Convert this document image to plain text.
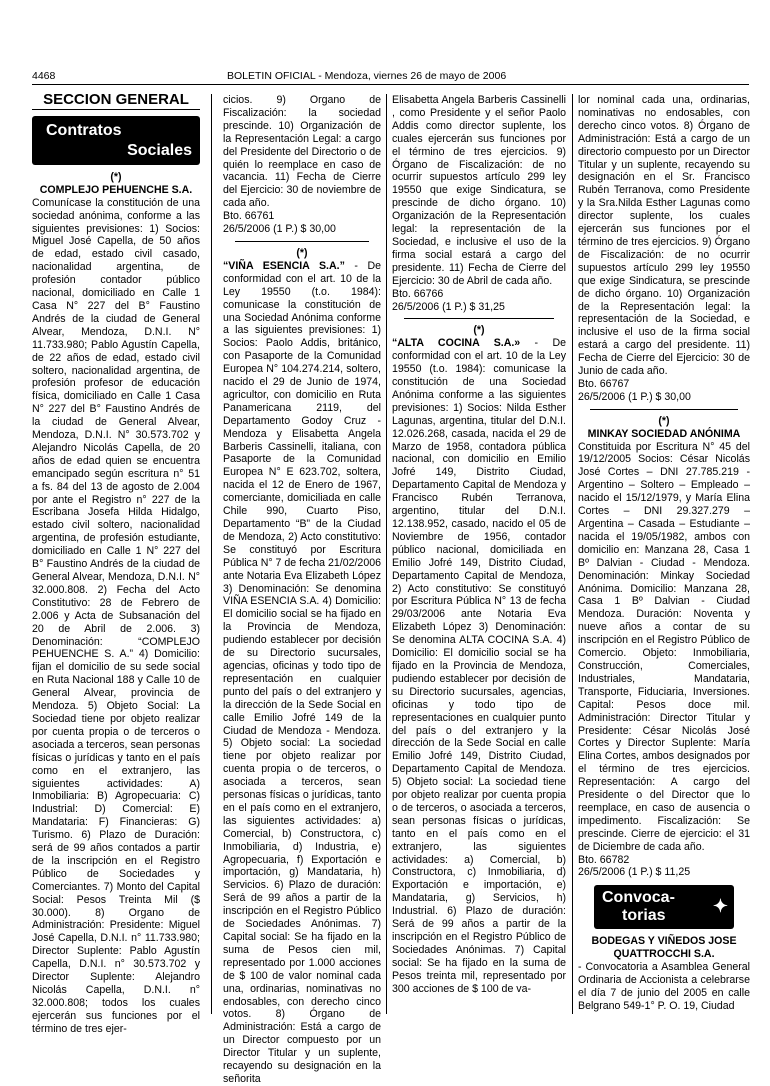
4468	BOLETIN OFICIAL - Mendoza, viernes 26 de mayo de 2006
SECCION GENERAL
Contratos
Sociales
(*)
COMPLEJO PEHUENCHE S.A.

Comunícase la constitución de una sociedad anónima, conforme a las siguientes previsiones: 1) Socios: Miguel José Capella, de 50 años de edad, estado civil casado, nacionalidad argentina, de profesión contador público nacional, domiciliado en Calle 1 Casa N° 227 del B° Faustino Andrés de la ciudad de General Alvear, Mendoza, D.N.I. N° 11.733.980; Pablo Agustín Capella, de 22 años de edad, estado civil soltero, nacionalidad argentina, de profesión profesor de educación física, domiciliado en Calle 1 Casa N° 227 del B° Faustino Andrés de la ciudad de General Alvear, Mendoza, D.N.I. N° 30.573.702 y Alejandro Nicolás Capella, de 20 años de edad quien se encuentra emancipado según escritura n° 51 a fs. 84 del 13 de agosto de 2.004 por ante el Registro n° 227 de la Escribana Josefa Hilda Hidalgo, estado civil soltero, nacionalidad argentina, de profesión estudiante, domiciliado en Calle 1 N° 227 del B° Faustino Andrés de la ciudad de General Alvear, Mendoza, D.N.I. N° 32.000.808. 2) Fecha del Acto Constitutivo: 28 de Febrero de 2.006 y Acta de Subsanación del 20 de Abril de 2.006. 3) Denominación: “COMPLEJO PEHUENCHE S. A.” 4) Domicilio: fijan el domicilio de su sede social en Ruta Nacional 188 y Calle 10 de General Alvear, provincia de Mendoza. 5) Objeto Social: La Sociedad tiene por objeto realizar por cuenta propia o de terceros o asociada a terceros, sean personas físicas o jurídicas y tanto en el país como en el extranjero, las siguientes actividades: A) Inmobiliaria: B) Agropecuaria: C) Industrial: D) Comercial: E) Mandataria: F) Financieras: G) Turismo. 6) Plazo de Duración: será de 99 años contados a partir de la inscripción en el Registro Público de Sociedades y Comerciantes. 7) Monto del Capital Social: Pesos Treinta Mil ($ 30.000). 8) Organo de Administración: Presidente: Miguel José Capella, D.N.I. n° 11.733.980; Director Suplente: Pablo Agustín Capella, D.N.I. n° 30.573.702 y Director Suplente: Alejandro Nicolás Capella, D.N.I. n° 32.000.808; todos los cuales ejercerán sus funciones por el término de tres ejer-

cicios. 9) Organo de Fiscalización: la sociedad prescinde. 10) Organización de la Representación Legal: a cargo del Presidente del Directorio o de quién lo reemplace en caso de vacancia. 11) Fecha de Cierre del Ejercicio: 30 de noviembre de cada año.

Bto. 66761

26/5/2006 (1 P.) $ 30,00

(*)

“VIÑA ESENCIA S.A.” - De conformidad con el art. 10 de la Ley 19550 (t.o. 1984): comunicase la constitución de una Sociedad Anónima conforme a las siguientes previsiones: 1) Socios: Paolo Addis, británico, con Pasaporte de la Comunidad Europea N° 104.274.214, soltero, nacido el 29 de Junio de 1974, agricultor, con domicilio en Ruta Panamericana 2119, del Departamento Godoy Cruz - Mendoza y Elisabetta Angela Barberis Cassinelli, italiana, con Pasaporte de la Comunidad Europea N° E 623.702, soltera, nacida el 12 de Enero de 1967, comerciante, domiciliada en calle Chile 990, Cuarto Piso, Departamento “B” de la Ciudad de Mendoza, 2) Acto constitutivo: Se constituyó por Escritura Pública N° 7 de fecha 21/02/2006 ante Notaria Eva Elizabeth López 3) Denominación: Se denomina VIÑA ESENCIA S.A. 4) Domicilio: El domicilio social se ha fijado en la Provincia de Mendoza, pudiendo establecer por decisión de su Directorio sucursales, agencias, oficinas y todo tipo de representación en cualquier punto del país o del extranjero y la dirección de la Sede Social en calle Emilio Jofré 149 de la Ciudad de Mendoza - Mendoza. 5) Objeto social: La sociedad tiene por objeto realizar por cuenta propia o de terceros, o asociada a terceros, sean personas físicas o jurídicas, tanto en el país como en el extranjero, las siguientes actividades: a) Comercial, b) Constructora, c) Inmobiliaria, d) Industria, e) Agropecuaria, f) Exportación e importación, g) Mandataria, h) Servicios. 6) Plazo de duración: Será de 99 años a partir de la inscripción en el Registro Público de Sociedades Anónimas. 7) Capital social: Se ha fijado en la suma de Pesos cien mil, representado por 1.000 acciones de $ 100 de valor nominal cada una, ordinarias, nominativas no endosables, con derecho cinco votos. 8) Órgano de Administración: Está a cargo de un Director compuesto por un Director Titular y un suplente, recayendo su designación en la señorita

Elisabetta Angela Barberis Cassinelli , como Presidente y el señor Paolo Addis como director suplente, los cuales ejercerán sus funciones por el término de tres ejercicios. 9) Órgano de Fiscalización: de no ocurrir supuestos artículo 299 ley 19550 que exige Sindicatura, se prescinde de dicho órgano. 10) Organización de la Representación legal: la representación de la Sociedad, e inclusive el uso de la firma social estará a cargo del presidente. 11) Fecha de Cierre del Ejercicio: 30 de Abril de cada año.

Bto. 66766

26/5/2006 (1 P.) $ 31,25

(*)

“ALTA COCINA S.A.» - De conformidad con el art. 10 de la Ley 19550 (t.o. 1984): comunicase la constitución de una Sociedad Anónima conforme a las siguientes previsiones: 1) Socios: Nilda Esther Lagunas, argentina, titular del D.N.I. 12.026.268, casada, nacida el 29 de Marzo de 1958, contadora pública nacional, con domicilio en Emilio Jofré 149, Distrito Ciudad, Departamento Capital de Mendoza y Francisco Rubén Terranova, argentino, titular del D.N.I. 12.138.952, casado, nacido el 05 de Noviembre de 1956, contador público nacional, domiciliada en Emilio Jofré 149, Distrito Ciudad, Departamento Capital de Mendoza, 2) Acto constitutivo: Se constituyó por Escritura Pública N° 13 de fecha 29/03/2006 ante Notaria Eva Elizabeth López 3) Denominación: Se denomina ALTA COCINA S.A. 4) Domicilio: El domicilio social se ha fijado en la Provincia de Mendoza, pudiendo establecer por decisión de su Directorio sucursales, agencias, oficinas y todo tipo de representaciones en cualquier punto del país o del extranjero y la dirección de la Sede Social en calle Emilio Jofré 149, Distrito Ciudad, Departamento Capital de Mendoza. 5) Objeto social: La sociedad tiene por objeto realizar por cuenta propia o de terceros, o asociada a terceros, sean personas físicas o jurídicas, tanto en el país como en el extranjero, las siguientes actividades: a) Comercial, b) Constructora, c) Inmobiliaria, d) Exportación e importación, e) Mandataria, g) Servicios, h) Industrial. 6) Plazo de duración: Será de 99 años a partir de la inscripción en el Registro Público de Sociedades Anónimas. 7) Capital social: Se ha fijado en la suma de Pesos treinta mil, representado por 300 acciones de $ 100 de va-

lor nominal cada una, ordinarias, nominativas no endosables, con derecho cinco votos. 8) Órgano de Administración: Está a cargo de un directorio compuesto por un Director Titular y un suplente, recayendo su designación en el Sr. Francisco Rubén Terranova, como Presidente y la Sra.Nilda Esther Lagunas como director suplente, los cuales ejercerán sus funciones por el término de tres ejercicios. 9) Órgano de Fiscalización: de no ocurrir supuestos artículo 299 ley 19550 que exige Sindicatura, se prescinde de dicho órgano. 10) Organización de la Representación legal: la representación de la Sociedad, e inclusive el uso de la firma social estará a cargo del presidente. 11) Fecha de Cierre del Ejercicio: 30 de Junio de cada año.

Bto. 66767

26/5/2006 (1 P.) $ 30,00

(*)
MINKAY SOCIEDAD ANÓNIMA

Constituida por Escritura N° 45 del 19/12/2005 Socios: César Nicolás José Cortes – DNI 27.785.219 - Argentino – Soltero – Empleado – nacido el 15/12/1979, y María Elina Cortes – DNI 29.327.279 – Argentina – Casada – Estudiante – nacida el 19/05/1982, ambos con domicilio en: Manzana 28, Casa 1 Bº Dalvian - Ciudad - Mendoza. Denominación: Minkay Sociedad Anónima. Domicilio: Manzana 28, Casa 1 Bº Dalvian - Ciudad Mendoza. Duración: Noventa y nueve años a contar de su inscripción en el Registro Público de Comercio. Objeto: Inmobiliaria, Construcción, Comerciales, Industriales, Mandataria, Transporte, Fiduciaria, Inversiones. Capital: Pesos doce mil. Administración: Director Titular y Presidente: César Nicolás José Cortes y Director Suplente: María Elina Cortes, ambos designados por el término de tres ejercicios. Representación: A cargo del Presidente o del Director que lo reemplace, en caso de ausencia o impedimento. Fiscalización: Se prescinde. Cierre de ejercicio: el 31 de Diciembre de cada año.

Bto. 66782

26/5/2006 (1 P.) $ 11,25

Convoca-
torias	✦
BODEGAS Y VIÑEDOS JOSE QUATTROCCHI S.A.

- Convocatoria a Asamblea General Ordinaria de Accionista a celebrarse el día 7 de junio del 2005 en calle Belgrano 549-1° P. O. 19, Ciudad
